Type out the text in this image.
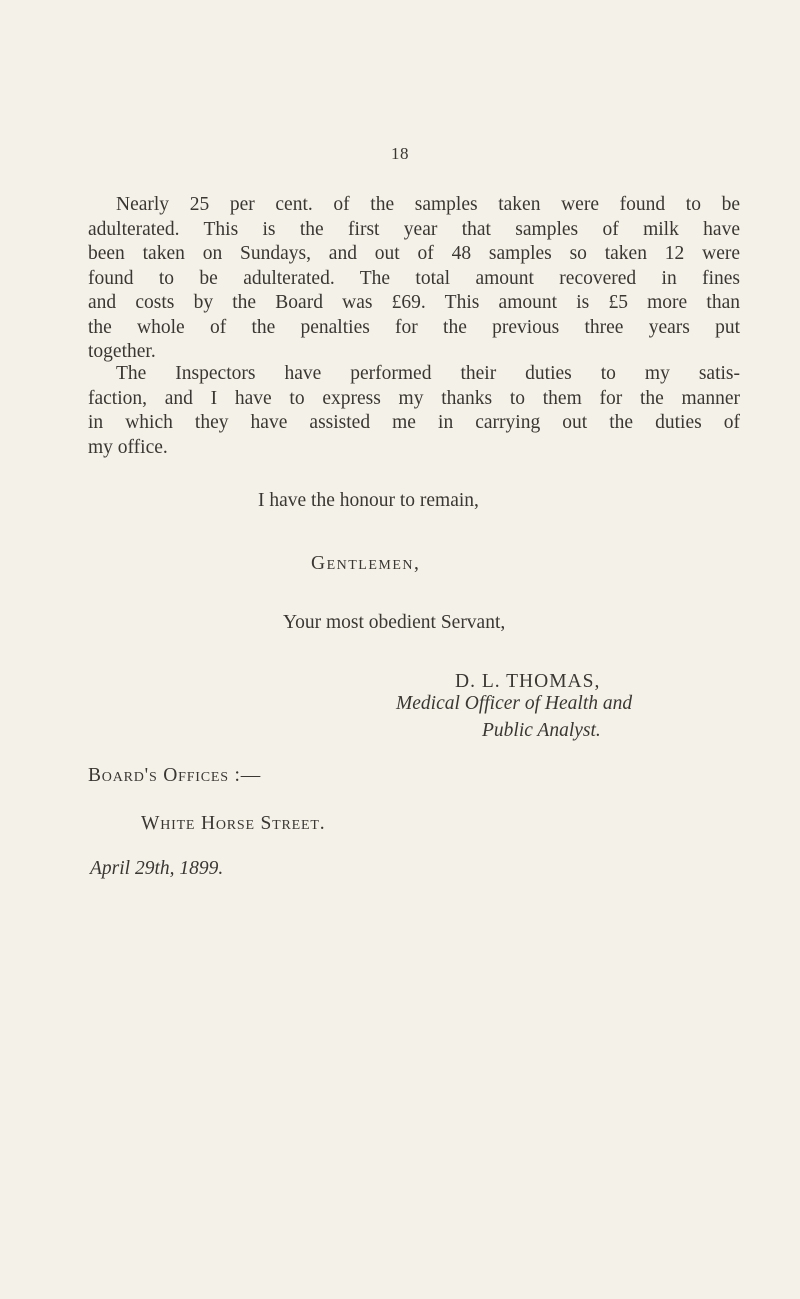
18
Nearly 25 per cent. of the samples taken were found to be
adulterated. This is the first year that samples of milk have
been taken on Sundays, and out of 48 samples so taken 12 were
found to be adulterated. The total amount recovered in fines
and costs by the Board was £69. This amount is £5 more than
the whole of the penalties for the previous three years put
together.
The Inspectors have performed their duties to my satis-
faction, and I have to express my thanks to them for the manner
in which they have assisted me in carrying out the duties of
my office.
I have the honour to remain,
Gentlemen,
Your most obedient Servant,
D. L. THOMAS,
Medical Officer of Health and
Public Analyst.
Board's Offices :—
White Horse Street.
April 29th, 1899.
